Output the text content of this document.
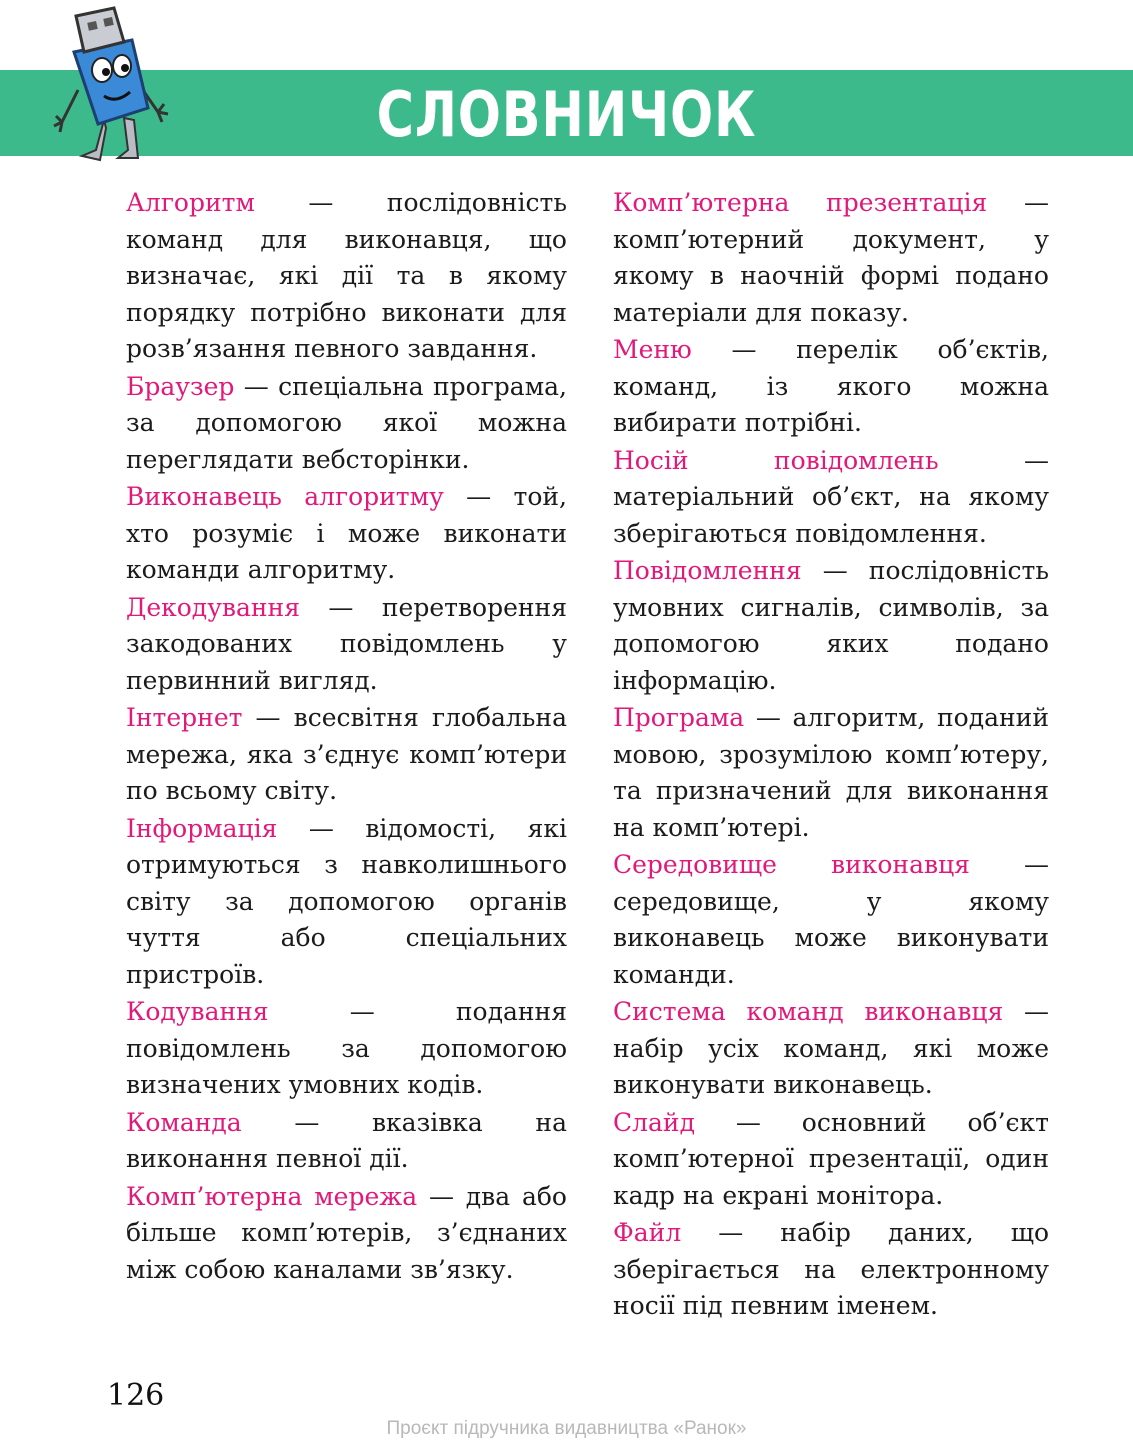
СЛОВНИЧОК

Алгоритм — послідовність команд для виконавця, що визначає, які дії та в якому порядку потрібно виконати для розв’язання певного завдання.

Браузер — спеціальна програма, за допомогою якої можна переглядати вебсторінки.

Виконавець алгоритму — той, хто розуміє і може виконати команди алгоритму.

Декодування — перетворення закодованих повідомлень у первинний вигляд.

Інтернет — всесвітня глобальна мережа, яка з’єднує комп’ютери по всьому світу.

Інформація — відомості, які отримуються з навколишнього світу за допомогою органів чуття або спеціальних пристроїв.

Кодування — подання повідомлень за допомогою визначених умовних кодів.

Команда — вказівка на виконання певної дії.

Комп’ютерна мережа — два або більше комп’ютерів, з’єднаних між собою каналами зв’язку.

Комп’ютерна презентація — комп’ютерний документ, у якому в наочній формі подано матеріали для показу.

Меню — перелік об’єктів, команд, із якого можна вибирати потрібні.

Носій повідомлень — матеріальний об’єкт, на якому зберігаються повідомлення.

Повідомлення — послідовність умовних сигналів, символів, за допомогою яких подано інформацію.

Програма — алгоритм, поданий мовою, зрозумілою комп’ютеру, та призначений для виконання на комп’ютері.

Середовище виконавця — середовище, у якому виконавець може виконувати команди.

Система команд виконавця — набір усіх команд, які може виконувати виконавець.

Слайд — основний об’єкт комп’ютерної презентації, один кадр на екрані монітора.

Файл — набір даних, що зберігається на електронному носії під певним іменем.

126
Проєкт підручника видавництва «Ранок»
